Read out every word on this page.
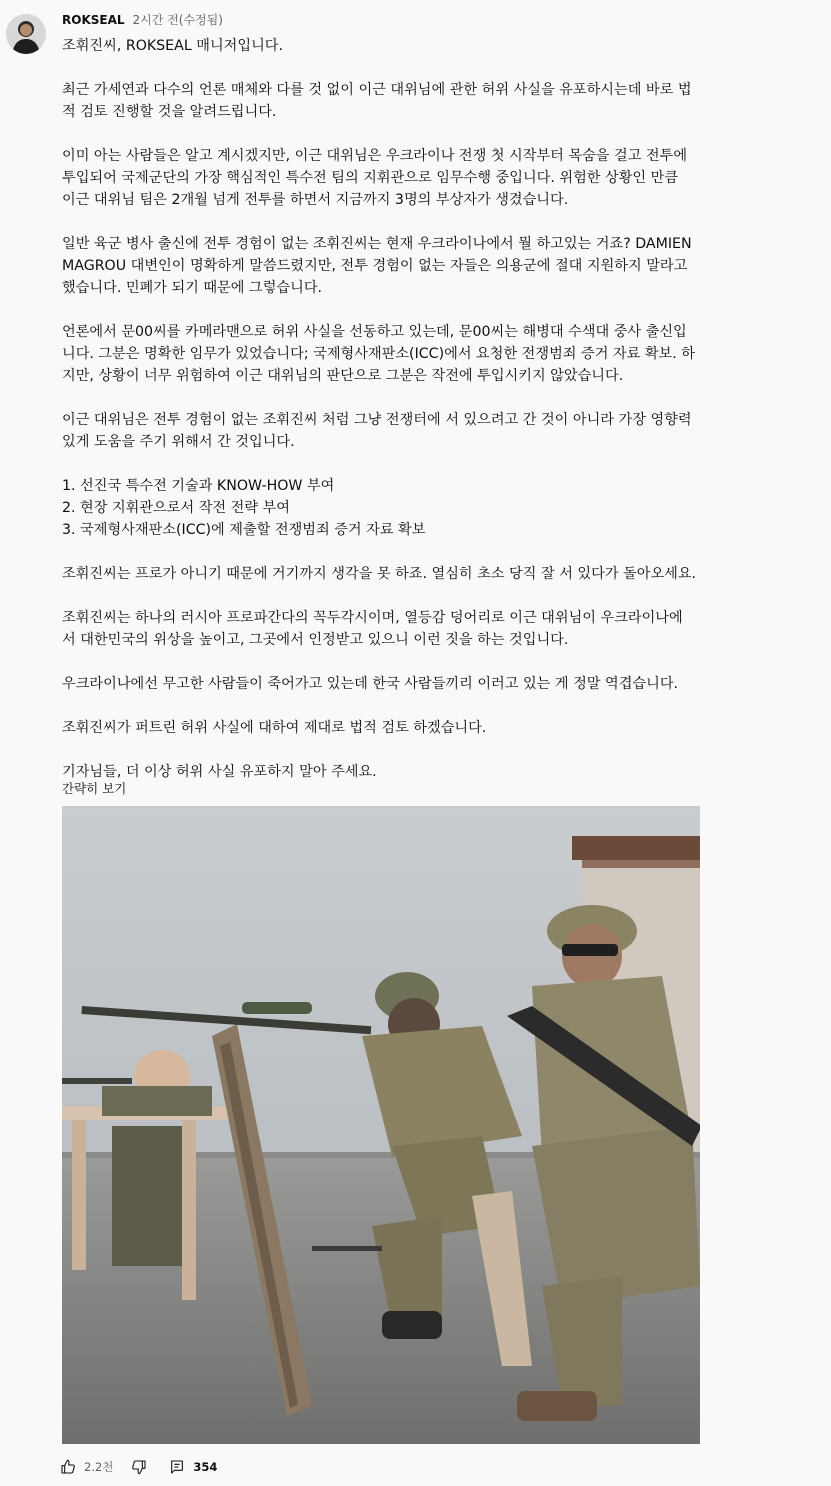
ROKSEAL 2시간 전(수정됨)

조휘진씨, ROKSEAL 매니저입니다.

최근 가세연과 다수의 언론 매체와 다를 것 없이 이근 대위님에 관한 허위 사실을 유포하시는데 바로 법
적 검토 진행할 것을 알려드립니다.

이미 아는 사람들은 알고 계시겠지만, 이근 대위님은 우크라이나 전쟁 첫 시작부터 목숨을 걸고 전투에
투입되어 국제군단의 가장 핵심적인 특수전 팀의 지휘관으로 임무수행 중입니다. 위험한 상황인 만큼
이근 대위님 팀은 2개월 넘게 전투를 하면서 지금까지 3명의 부상자가 생겼습니다.

일반 육군 병사 출신에 전투 경험이 없는 조휘진씨는 현재 우크라이나에서 뭘 하고있는 거죠? DAMIEN
MAGROU 대변인이 명확하게 말씀드렸지만, 전투 경험이 없는 자들은 의용군에 절대 지원하지 말라고
했습니다. 민폐가 되기 때문에 그렇습니다.

언론에서 문00씨를 카메라맨으로 허위 사실을 선동하고 있는데, 문00씨는 해병대 수색대 중사 출신입
니다. 그분은 명확한 임무가 있었습니다; 국제형사재판소(ICC)에서 요청한 전쟁범죄 증거 자료 확보. 하
지만, 상황이 너무 위험하여 이근 대위님의 판단으로 그분은 작전에 투입시키지 않았습니다.

이근 대위님은 전투 경험이 없는 조휘진씨 처럼 그냥 전쟁터에 서 있으려고 간 것이 아니라 가장 영향력
있게 도움을 주기 위해서 간 것입니다.

1. 선진국 특수전 기술과 KNOW-HOW 부여
2. 현장 지휘관으로서 작전 전략 부여
3. 국제형사재판소(ICC)에 제출할 전쟁범죄 증거 자료 확보

조휘진씨는 프로가 아니기 때문에 거기까지 생각을 못 하죠. 열심히 초소 당직 잘 서 있다가 돌아오세요.

조휘진씨는 하나의 러시아 프로파간다의 꼭두각시이며, 열등감 덩어리로 이근 대위님이 우크라이나에
서 대한민국의 위상을 높이고, 그곳에서 인정받고 있으니 이런 짓을 하는 것입니다.

우크라이나에선 무고한 사람들이 죽어가고 있는데 한국 사람들끼리 이러고 있는 게 정말 역겹습니다.

조휘진씨가 퍼트린 허위 사실에 대하여 제대로 법적 검토 하겠습니다.

기자님들, 더 이상 허위 사실 유포하지 말아 주세요.

간략히 보기
2.2천	354
